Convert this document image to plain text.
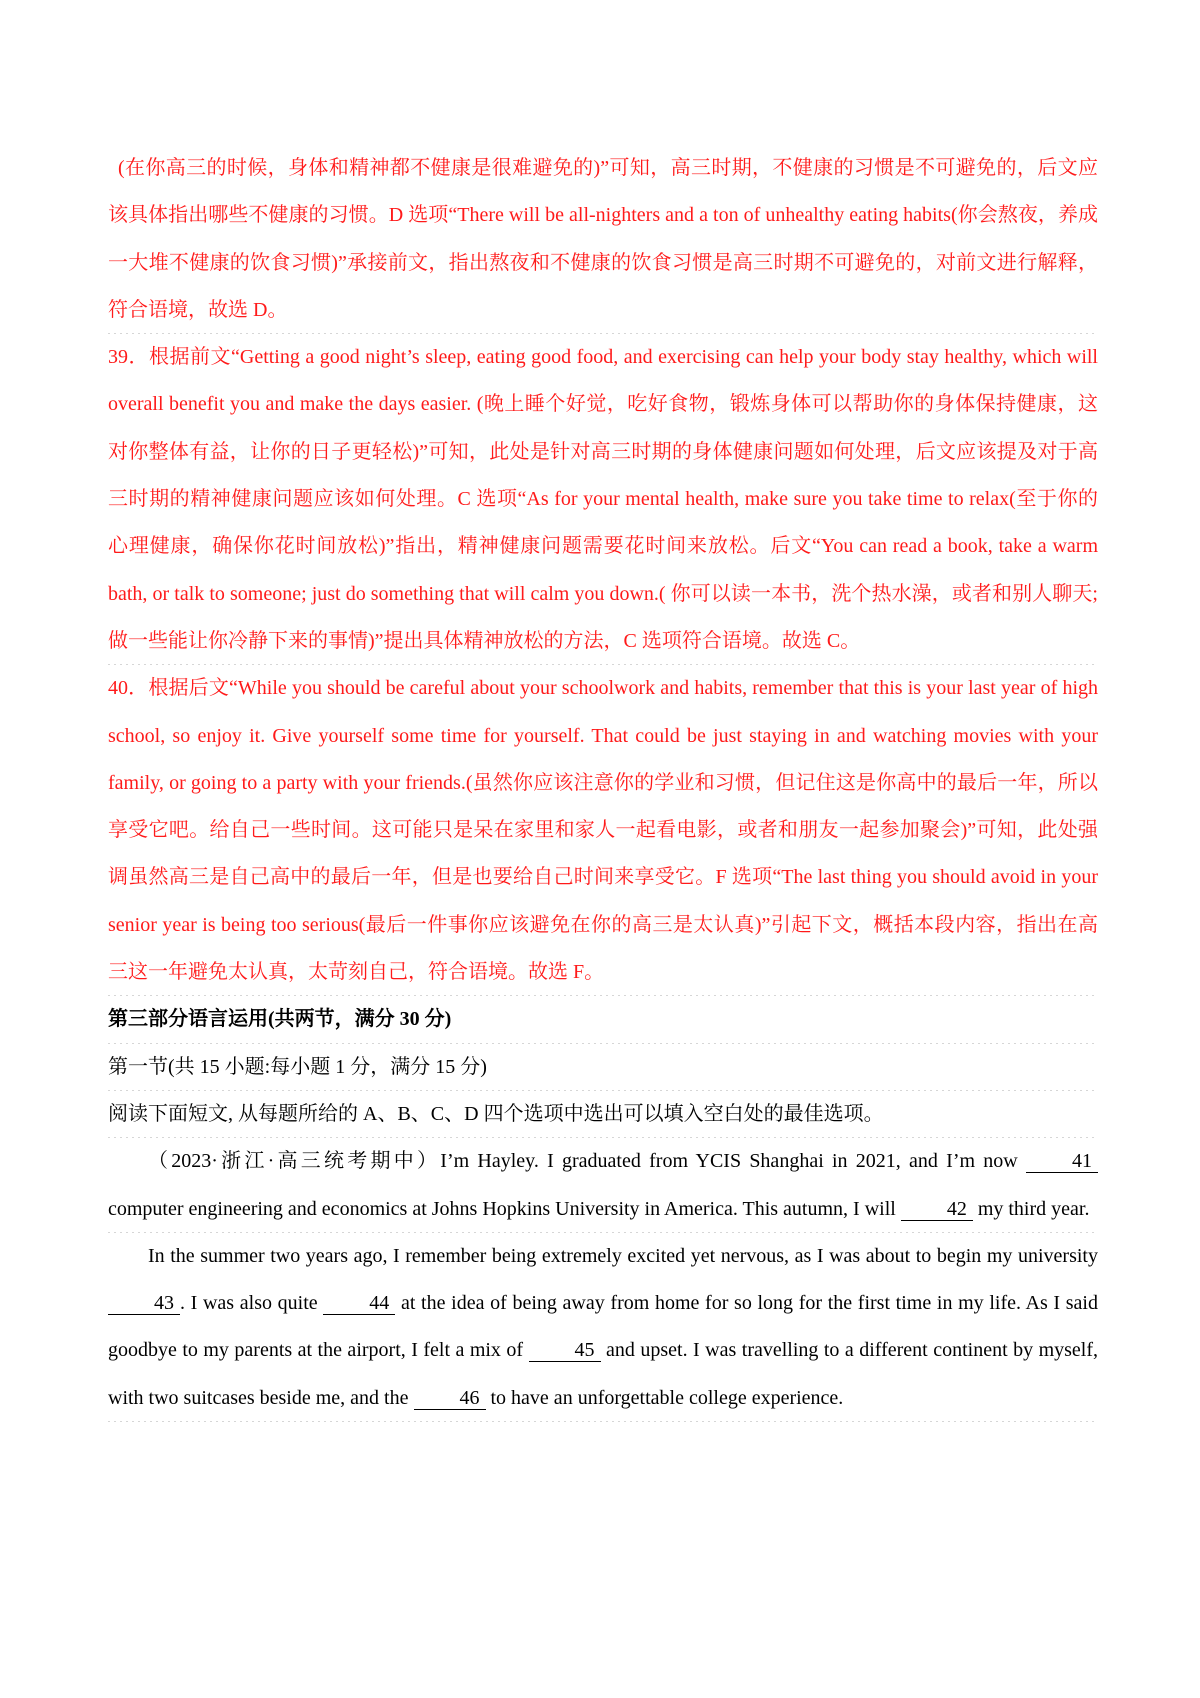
(在你高三的时候，身体和精神都不健康是很难避免的)”可知，高三时期，不健康的习惯是不可避免的，后文应该具体指出哪些不健康的习惯。D 选项“There will be all-nighters and a ton of unhealthy eating habits(你会熬夜，养成一大堆不健康的饮食习惯)”承接前文，指出熬夜和不健康的饮食习惯是高三时期不可避免的，对前文进行解释，符合语境，故选 D。

39．根据前文“Getting a good night’s sleep, eating good food, and exercising can help your body stay healthy, which will overall benefit you and make the days easier. (晚上睡个好觉，吃好食物，锻炼身体可以帮助你的身体保持健康，这对你整体有益，让你的日子更轻松)”可知，此处是针对高三时期的身体健康问题如何处理，后文应该提及对于高三时期的精神健康问题应该如何处理。C 选项“As for your mental health, make sure you take time to relax(至于你的心理健康，确保你花时间放松)”指出，精神健康问题需要花时间来放松。后文“You can read a book, take a warm bath, or talk to someone; just do something that will calm you down.( 你可以读一本书，洗个热水澡，或者和别人聊天;做一些能让你冷静下来的事情)”提出具体精神放松的方法，C 选项符合语境。故选 C。

40．根据后文“While you should be careful about your schoolwork and habits, remember that this is your last year of high school, so enjoy it. Give yourself some time for yourself. That could be just staying in and watching movies with your family, or going to a party with your friends.(虽然你应该注意你的学业和习惯，但记住这是你高中的最后一年，所以享受它吧。给自己一些时间。这可能只是呆在家里和家人一起看电影，或者和朋友一起参加聚会)”可知，此处强调虽然高三是自己高中的最后一年，但是也要给自己时间来享受它。F 选项“The last thing you should avoid in your senior year is being too serious(最后一件事你应该避免在你的高三是太认真)”引起下文，概括本段内容，指出在高三这一年避免太认真，太苛刻自己，符合语境。故选 F。

第三部分语言运用(共两节，满分 30 分)

第一节(共 15 小题:每小题 1 分，满分 15 分)

阅读下面短文, 从每题所给的 A、B、C、D 四个选项中选出可以填入空白处的最佳选项。

（2023·浙江·高三统考期中）I’m Hayley. I graduated from YCIS Shanghai in 2021, and I’m now 41 computer engineering and economics at Johns Hopkins University in America. This autumn, I will 42 my third year.

In the summer two years ago, I remember being extremely excited yet nervous, as I was about to begin my university 43 . I was also quite 44 at the idea of being away from home for so long for the first time in my life. As I said goodbye to my parents at the airport, I felt a mix of 45 and upset. I was travelling to a different continent by myself, with two suitcases beside me, and the 46 to have an unforgettable college experience.
